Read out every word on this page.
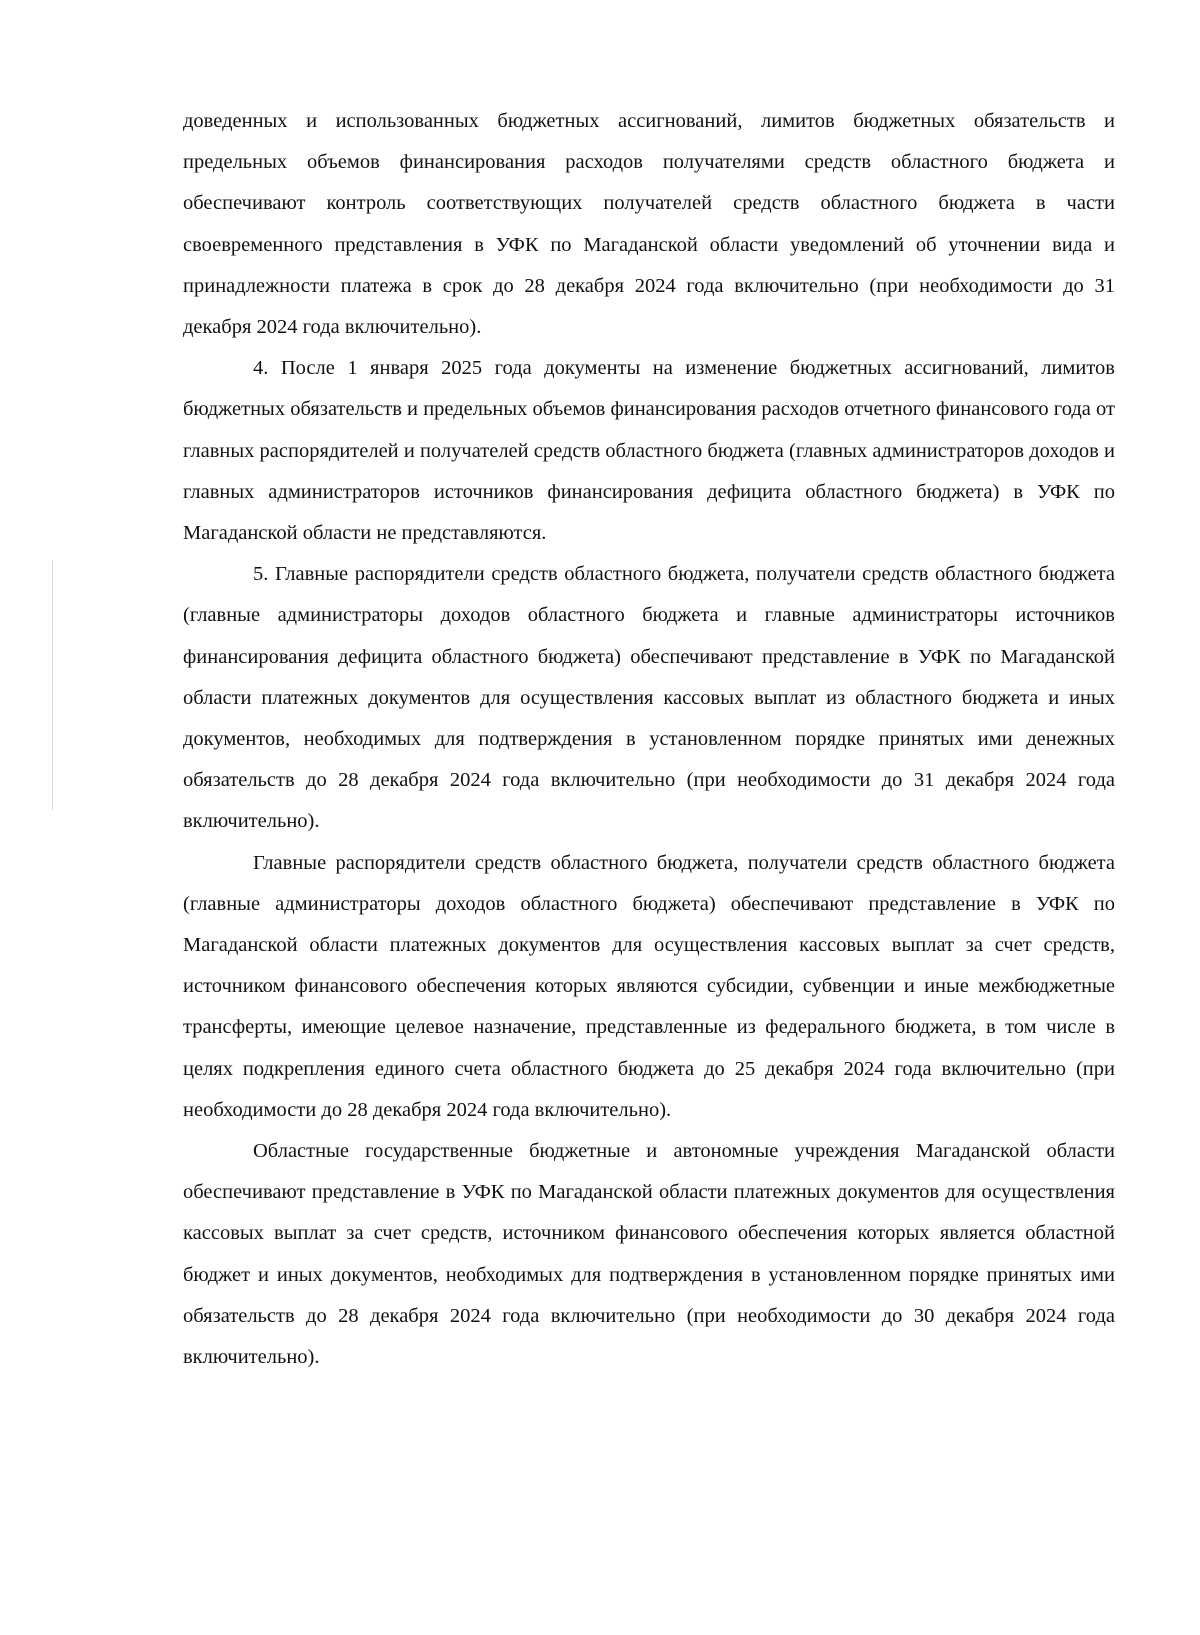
доведенных и использованных бюджетных ассигнований, лимитов бюджетных обязательств и предельных объемов финансирования расходов получателями средств областного бюджета и обеспечивают контроль соответствующих получателей средств областного бюджета в части своевременного представления в УФК по Магаданской области уведомлений об уточнении вида и принадлежности платежа в срок до 28 декабря 2024 года включительно (при необходимости до 31 декабря 2024 года включительно).

4. После 1 января 2025 года документы на изменение бюджетных ассигнований, лимитов бюджетных обязательств и предельных объемов финансирования расходов отчетного финансового года от главных распорядителей и получателей средств областного бюджета (главных администраторов доходов и главных администраторов источников финансирования дефицита областного бюджета) в УФК по Магаданской области не представляются.

5. Главные распорядители средств областного бюджета, получатели средств областного бюджета (главные администраторы доходов областного бюджета и главные администраторы источников финансирования дефицита областного бюджета) обеспечивают представление в УФК по Магаданской области платежных документов для осуществления кассовых выплат из областного бюджета и иных документов, необходимых для подтверждения в установленном порядке принятых ими денежных обязательств до 28 декабря 2024 года включительно (при необходимости до 31 декабря 2024 года включительно).

Главные распорядители средств областного бюджета, получатели средств областного бюджета (главные администраторы доходов областного бюджета) обеспечивают представление в УФК по Магаданской области платежных документов для осуществления кассовых выплат за счет средств, источником финансового обеспечения которых являются субсидии, субвенции и иные межбюджетные трансферты, имеющие целевое назначение, представленные из федерального бюджета, в том числе в целях подкрепления единого счета областного бюджета до 25 декабря 2024 года включительно (при необходимости до 28 декабря 2024 года включительно).

Областные государственные бюджетные и автономные учреждения Магаданской области обеспечивают представление в УФК по Магаданской области платежных документов для осуществления кассовых выплат за счет средств, источником финансового обеспечения которых является областной бюджет и иных документов, необходимых для подтверждения в установленном порядке принятых ими обязательств до 28 декабря 2024 года включительно (при необходимости до 30 декабря 2024 года включительно).
